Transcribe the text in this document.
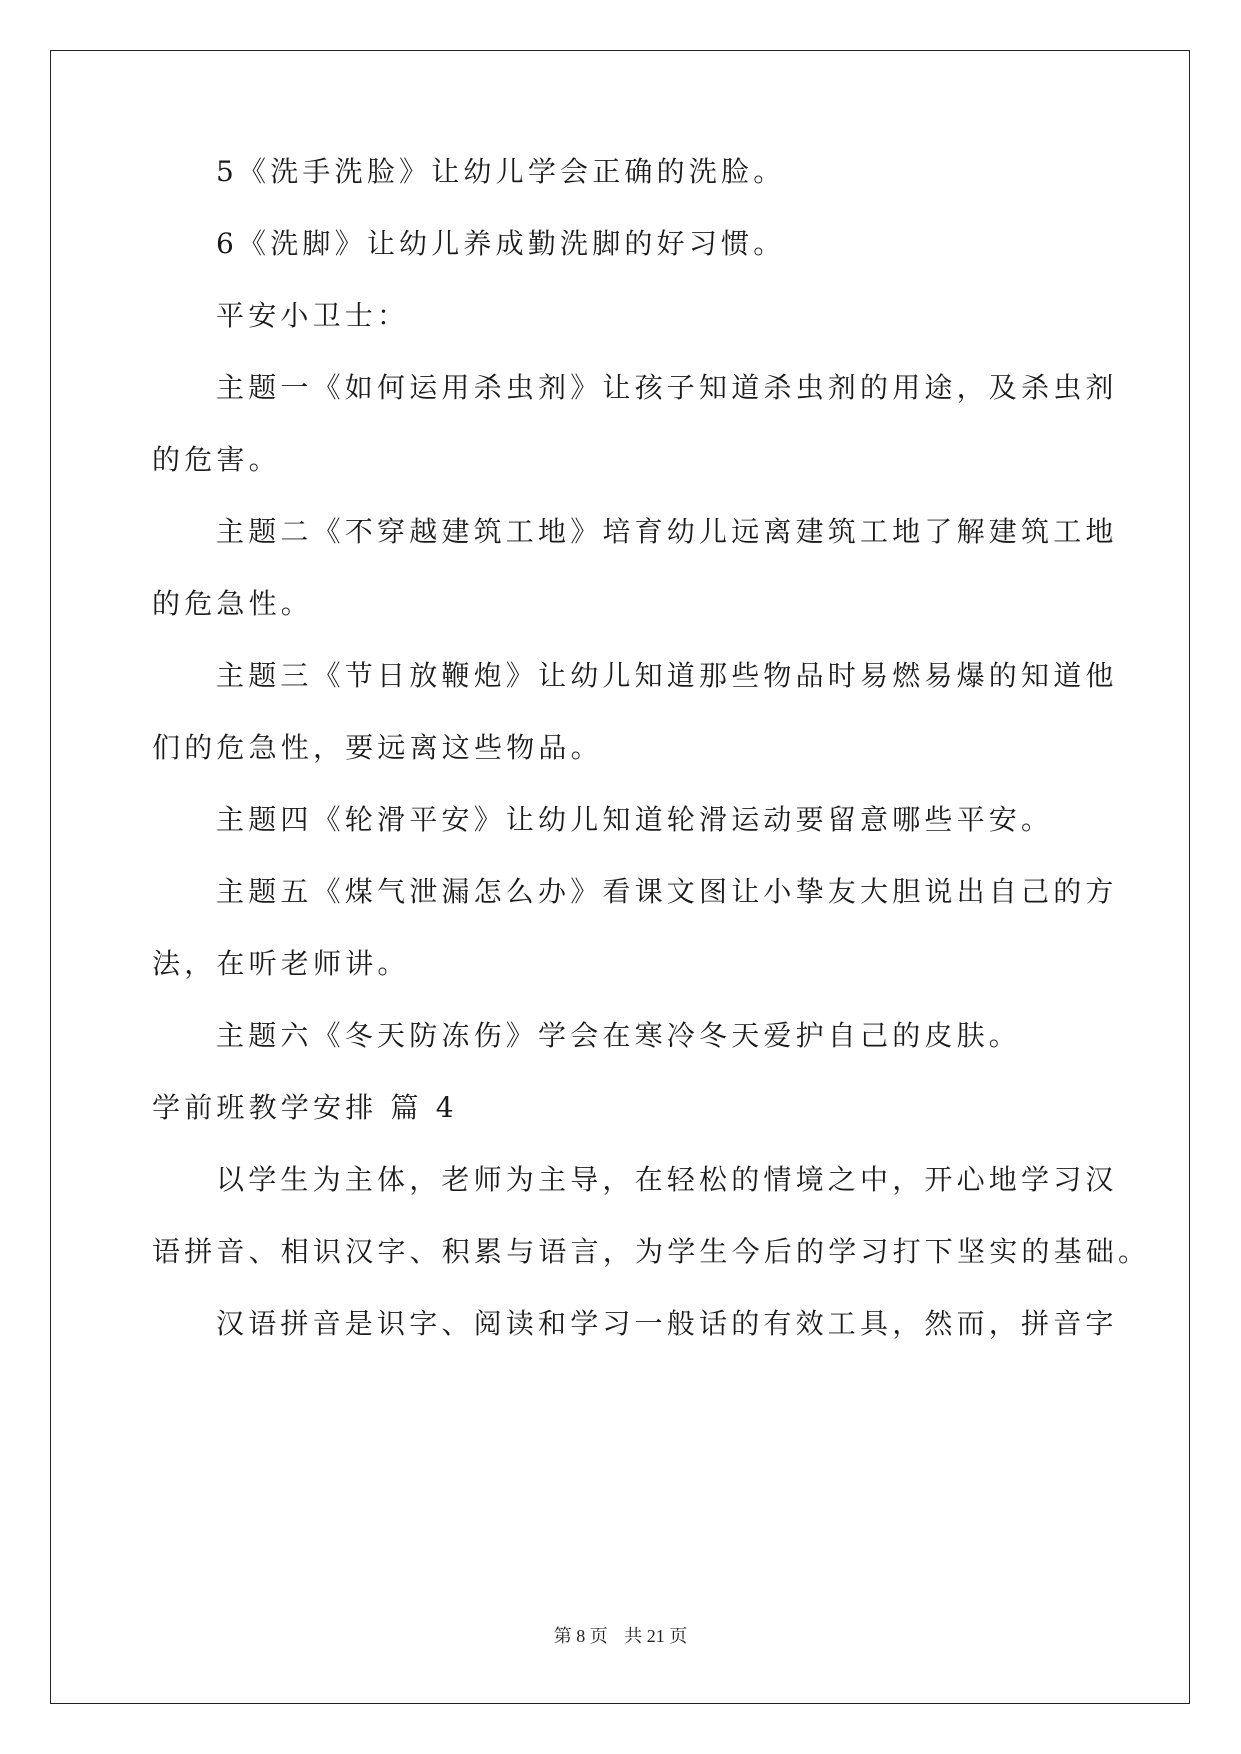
5《洗手洗脸》让幼儿学会正确的洗脸。
6《洗脚》让幼儿养成勤洗脚的好习惯。
平安小卫士：
主题一《如何运用杀虫剂》让孩子知道杀虫剂的用途，及杀虫剂
的危害。
主题二《不穿越建筑工地》培育幼儿远离建筑工地了解建筑工地
的危急性。
主题三《节日放鞭炮》让幼儿知道那些物品时易燃易爆的知道他
们的危急性，要远离这些物品。
主题四《轮滑平安》让幼儿知道轮滑运动要留意哪些平安。
主题五《煤气泄漏怎么办》看课文图让小挚友大胆说出自己的方
法，在听老师讲。
主题六《冬天防冻伤》学会在寒冷冬天爱护自己的皮肤。
学前班教学安排 篇 4
以学生为主体，老师为主导，在轻松的情境之中，开心地学习汉
语拼音、相识汉字、积累与语言，为学生今后的学习打下坚实的基础。
汉语拼音是识字、阅读和学习一般话的有效工具，然而，拼音字
第 8 页 共 21 页
